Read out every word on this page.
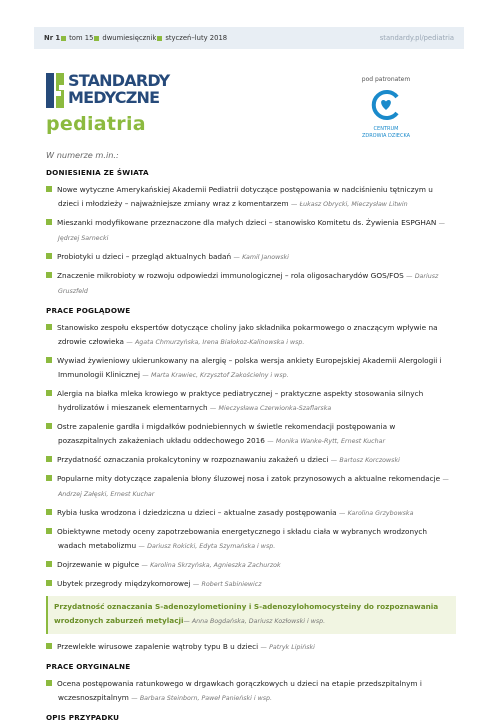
Nr 1 tom 15 dwumiesięcznik styczeń–luty 2018	standardy.pl/pediatria
STANDARDY
MEDYCZNE
pediatria
pod patronatem
CENTRUM
ZDROWIA DZIECKA
W numerze m.in.:
DONIESIENIA ZE ŚWIATA
Nowe wytyczne Amerykańskiej Akademii Pediatrii dotyczące postępowania w nadciśnieniu tętniczym u dzieci i młodzieży – najważniejsze zmiany wraz z komentarzem — Łukasz Obrycki, Mieczysław Litwin
Mieszanki modyfikowane przeznaczone dla małych dzieci – stanowisko Komitetu ds. Żywienia ESPGHAN — Jędrzej Sarnecki
Probiotyki u dzieci – przegląd aktualnych badań — Kamil Janowski
Znaczenie mikrobioty w rozwoju odpowiedzi immunologicznej – rola oligosacharydów GOS/FOS — Dariusz Gruszfeld
PRACE POGLĄDOWE
Stanowisko zespołu ekspertów dotyczące choliny jako składnika pokarmowego o znaczącym wpływie na zdrowie człowieka — Agata Chmurzyńska, Irena Białokoz-Kalinowska i wsp.
Wywiad żywieniowy ukierunkowany na alergię – polska wersja ankiety Europejskiej Akademii Alergologii i Immunologii Klinicznej — Marta Krawiec, Krzysztof Zakościelny i wsp.
Alergia na białka mleka krowiego w praktyce pediatrycznej – praktyczne aspekty stosowania silnych hydrolizatów i mieszanek elementarnych — Mieczysława Czerwionka-Szaflarska
Ostre zapalenie gardła i migdałków podniebiennych w świetle rekomendacji postępowania w pozaszpitalnych zakażeniach układu oddechowego 2016 — Monika Wanke-Rytt, Ernest Kuchar
Przydatność oznaczania prokalcytoniny w rozpoznawaniu zakażeń u dzieci — Bartosz Korczowski
Popularne mity dotyczące zapalenia błony śluzowej nosa i zatok przynosowych a aktualne rekomendacje — Andrzej Załęski, Ernest Kuchar
Rybia łuska wrodzona i dziedziczna u dzieci – aktualne zasady postępowania — Karolina Grzybowska
Obiektywne metody oceny zapotrzebowania energetycznego i składu ciała w wybranych wrodzonych wadach metabolizmu — Dariusz Rokicki, Edyta Szymańska i wsp.
Dojrzewanie w pigułce — Karolina Skrzyńska, Agnieszka Zachurzok
Ubytek przegrody międzykomorowej — Robert Sabiniewicz
Przydatność oznaczania S-adenozylometioniny i S-adenozylohomocysteiny do rozpoznawania wrodzonych zaburzeń metylacji— Anna Bogdańska, Dariusz Kozłowski i wsp.
Przewlekłe wirusowe zapalenie wątroby typu B u dzieci — Patryk Lipiński
PRACE ORYGINALNE
Ocena postępowania ratunkowego w drgawkach gorączkowych u dzieci na etapie przedszpitalnym i wczesnoszpitalnym — Barbara Steinborn, Paweł Panieński i wsp.
OPIS PRZYPADKU
